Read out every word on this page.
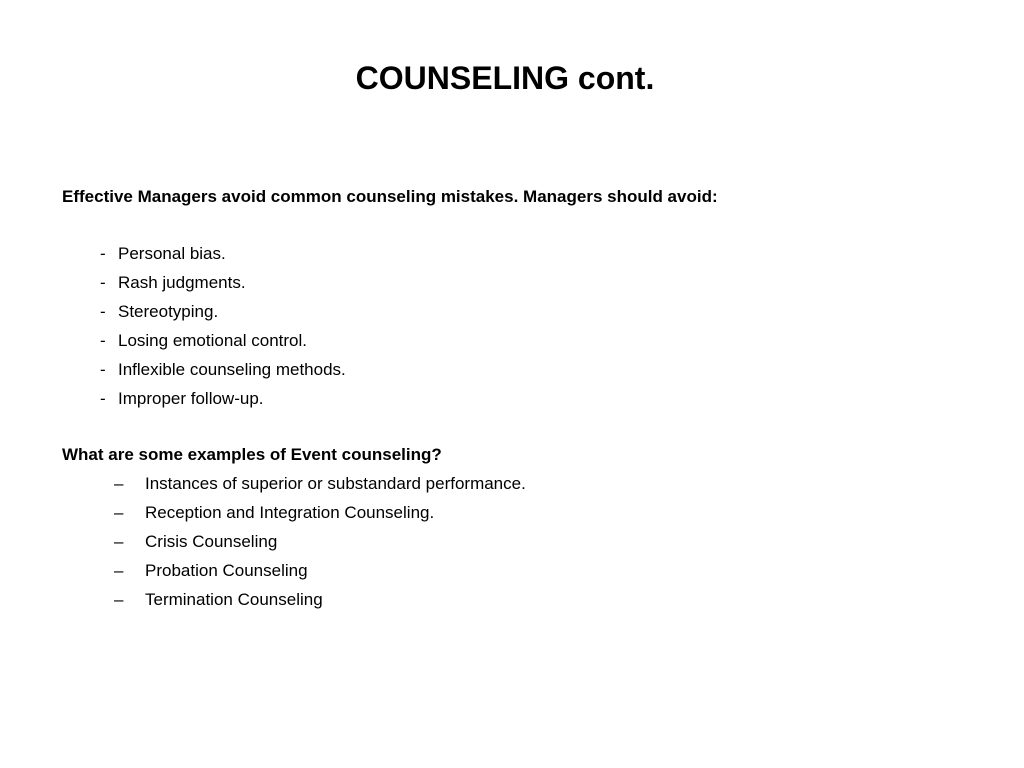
COUNSELING cont.
Effective Managers avoid common counseling mistakes. Managers should avoid:
- Personal bias.
- Rash judgments.
- Stereotyping.
- Losing emotional control.
- Inflexible counseling methods.
- Improper follow-up.
What are some examples of Event counseling?
– Instances of superior or substandard performance.
– Reception and Integration Counseling.
– Crisis Counseling
– Probation Counseling
– Termination Counseling
